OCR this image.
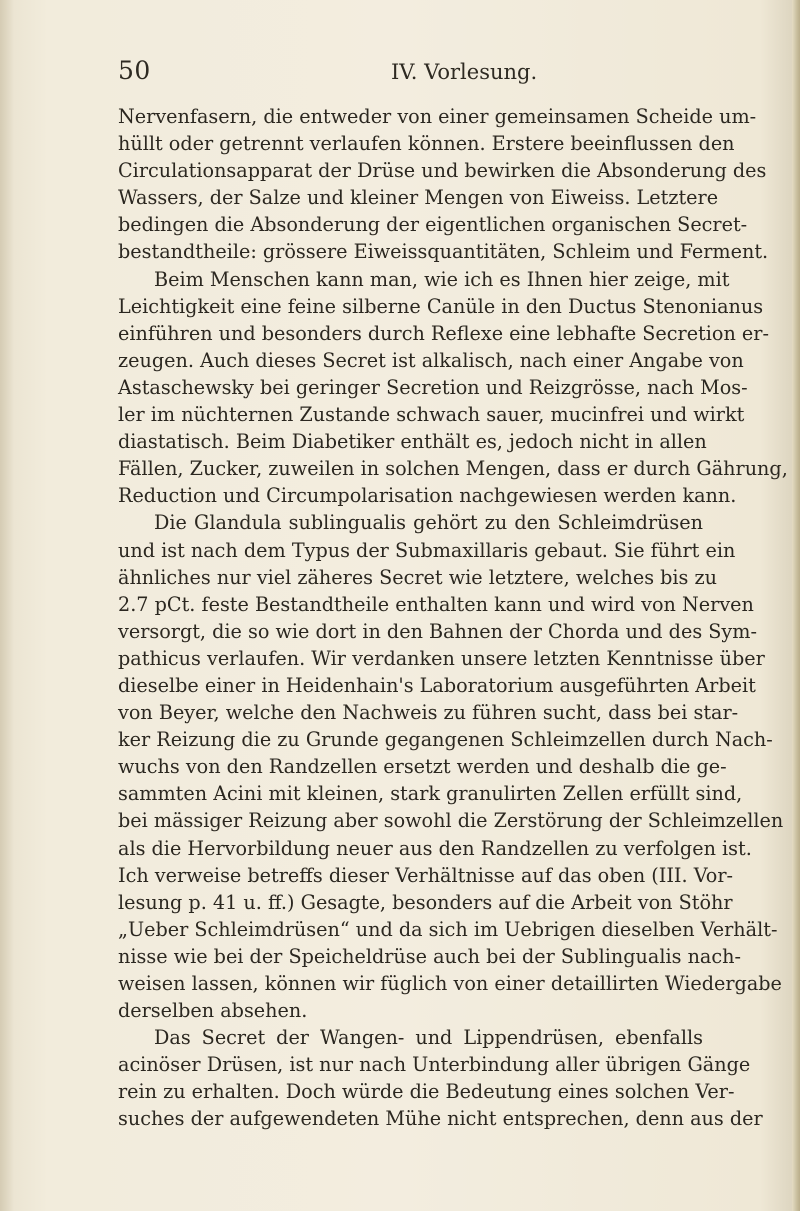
50	IV. Vorlesung.
Nervenfasern, die entweder von einer gemeinsamen Scheide um-
hüllt oder getrennt verlaufen können. Erstere beeinflussen den
Circulationsapparat der Drüse und bewirken die Absonderung des
Wassers, der Salze und kleiner Mengen von Eiweiss. Letztere
bedingen die Absonderung der eigentlichen organischen Secret-
bestandtheile: grössere Eiweissquantitäten, Schleim und Ferment.
Beim Menschen kann man, wie ich es Ihnen hier zeige, mit
Leichtigkeit eine feine silberne Canüle in den Ductus Stenonianus
einführen und besonders durch Reflexe eine lebhafte Secretion er-
zeugen. Auch dieses Secret ist alkalisch, nach einer Angabe von
Astaschewsky bei geringer Secretion und Reizgrösse, nach Mos-
ler im nüchternen Zustande schwach sauer, mucinfrei und wirkt
diastatisch. Beim Diabetiker enthält es, jedoch nicht in allen
Fällen, Zucker, zuweilen in solchen Mengen, dass er durch Gährung,
Reduction und Circumpolarisation nachgewiesen werden kann.
Die Glandula sublingualis gehört zu den Schleimdrüsen
und ist nach dem Typus der Submaxillaris gebaut. Sie führt ein
ähnliches nur viel zäheres Secret wie letztere, welches bis zu
2.7 pCt. feste Bestandtheile enthalten kann und wird von Nerven
versorgt, die so wie dort in den Bahnen der Chorda und des Sym-
pathicus verlaufen. Wir verdanken unsere letzten Kenntnisse über
dieselbe einer in Heidenhain's Laboratorium ausgeführten Arbeit
von Beyer, welche den Nachweis zu führen sucht, dass bei star-
ker Reizung die zu Grunde gegangenen Schleimzellen durch Nach-
wuchs von den Randzellen ersetzt werden und deshalb die ge-
sammten Acini mit kleinen, stark granulirten Zellen erfüllt sind,
bei mässiger Reizung aber sowohl die Zerstörung der Schleimzellen
als die Hervorbildung neuer aus den Randzellen zu verfolgen ist.
Ich verweise betreffs dieser Verhältnisse auf das oben (III. Vor-
lesung p. 41 u. ff.) Gesagte, besonders auf die Arbeit von Stöhr
„Ueber Schleimdrüsen“ und da sich im Uebrigen dieselben Verhält-
nisse wie bei der Speicheldrüse auch bei der Sublingualis nach-
weisen lassen, können wir füglich von einer detaillirten Wiedergabe
derselben absehen.
Das Secret der Wangen- und Lippendrüsen, ebenfalls
acinöser Drüsen, ist nur nach Unterbindung aller übrigen Gänge
rein zu erhalten. Doch würde die Bedeutung eines solchen Ver-
suches der aufgewendeten Mühe nicht entsprechen, denn aus der
